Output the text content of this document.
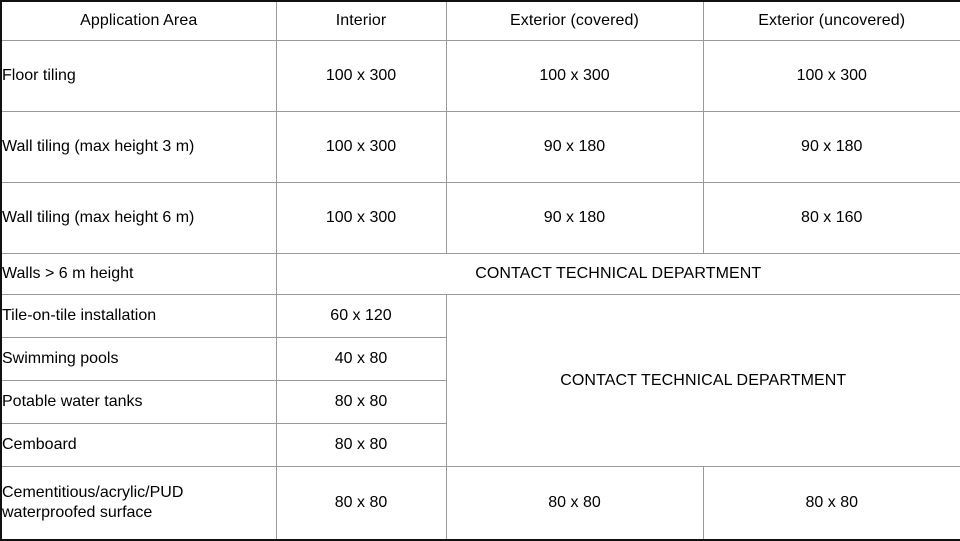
Application Area	Interior	Exterior (covered)	Exterior (uncovered)
Floor tiling	100 x 300	100 x 300	100 x 300
Wall tiling (max height 3 m)	100 x 300	90 x 180	90 x 180
Wall tiling (max height 6 m)	100 x 300	90 x 180	80 x 160
Walls > 6 m height	CONTACT TECHNICAL DEPARTMENT		
Tile-on-tile installation	60 x 120	CONTACT TECHNICAL DEPARTMENT	
Swimming pools	40 x 80		
Potable water tanks	80 x 80		
Cemboard	80 x 80		
Cementitious/acrylic/PUD waterproofed surface	80 x 80	80 x 80	80 x 80
